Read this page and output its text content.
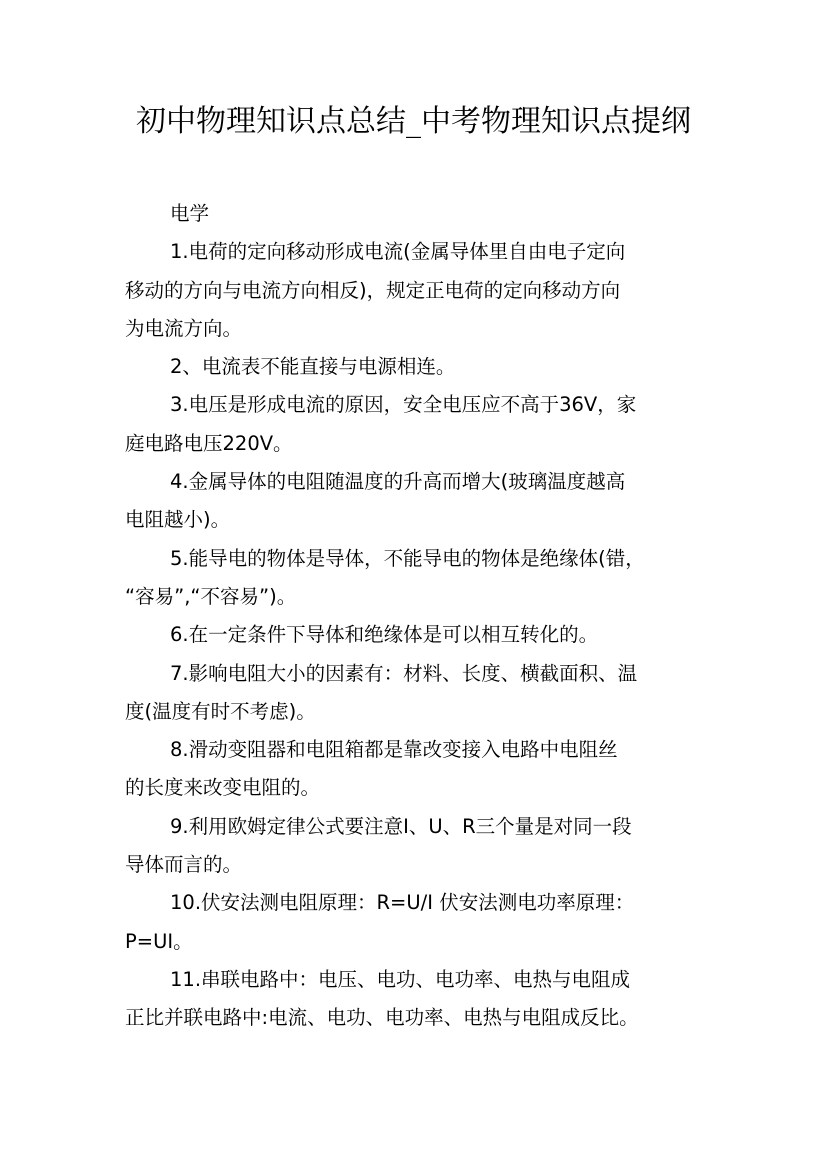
初中物理知识点总结_中考物理知识点提纲
电学
1.电荷的定向移动形成电流(金属导体里自由电子定向
移动的方向与电流方向相反)，规定正电荷的定向移动方向
为电流方向。
2、电流表不能直接与电源相连。
3.电压是形成电流的原因，安全电压应不高于36V，家
庭电路电压220V。
4.金属导体的电阻随温度的升高而增大(玻璃温度越高
电阻越小)。
5.能导电的物体是导体，不能导电的物体是绝缘体(错，
“容易”,“不容易”)。
6.在一定条件下导体和绝缘体是可以相互转化的。
7.影响电阻大小的因素有：材料、长度、横截面积、温
度(温度有时不考虑)。
8.滑动变阻器和电阻箱都是靠改变接入电路中电阻丝
的长度来改变电阻的。
9.利用欧姆定律公式要注意I、U、R三个量是对同一段
导体而言的。
10.伏安法测电阻原理：R=U/I 伏安法测电功率原理：
P=UI。
11.串联电路中：电压、电功、电功率、电热与电阻成
正比并联电路中:电流、电功、电功率、电热与电阻成反比。
